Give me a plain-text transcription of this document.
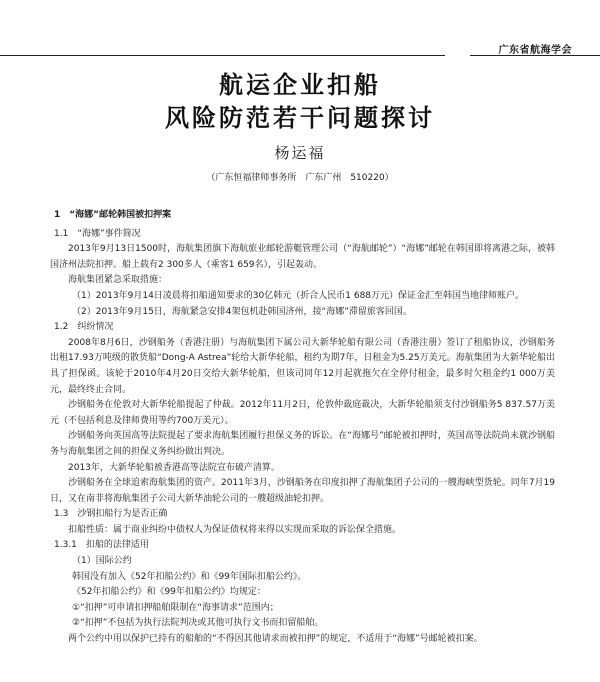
广东省航海学会
航运企业扣船
风险防范若干问题探讨
杨运福
（广东恒福律师事务所　广东广州　510220）

1　“海娜”邮轮韩国被扣押案

1.1　“海娜”事件简况

2013年9月13日1500时，海航集团旗下海航旅业邮轮游艇管理公司（“海航邮轮”）“海娜”邮轮在韩国即将离港之际，被韩国济州法院扣押。船上载有2 300多人（乘客1 659名），引起轰动。

海航集团紧急采取措施：

（1）2013年9月14日凌晨将扣船通知要求的30亿韩元（折合人民币1 688万元）保证金汇至韩国当地律师账户。

（2）2013年9月15日，海航紧急安排4架包机赴韩国济州，接“海娜”滞留旅客回国。

1.2　纠纷情况

2008年8月6日，沙钢船务（香港注册）与海航集团下属公司大新华轮船有限公司（香港注册）签订了租船协议，沙钢船务出租17.93万吨级的散货船“Dong-A Astrea”轮给大新华轮船，租约为期7年，日租金为5.25万美元。海航集团为大新华轮船出具了担保函。该轮于2010年4月20日交给大新华轮船，但该司同年12月起就拖欠在全停付租金，最多时欠租金约1 000万美元，最终终止合同。

沙钢船务在伦敦对大新华轮船提起了仲裁。2012年11月2日，伦敦仲裁庭裁决，大新华轮船须支付沙钢船务5 837.57万美元（不包括利息及律师费用等约700万美元）。

沙钢船务向英国高等法院提起了要求海航集团履行担保义务的诉讼。在“海娜号”邮轮被扣押时，英国高等法院尚未就沙钢船务与海航集团之间的担保义务纠纷做出判决。

2013年，大新华轮船被香港高等法院宣布破产清算。

沙钢船务在全球追索海航集团的资产。2011年3月，沙钢船务在印度扣押了海航集团子公司的一艘海峡型货轮。同年7月19日，又在南非将海航集团子公司大新华油轮公司的一艘超级油轮扣押。

1.3　沙钢扣船行为是否正确

扣船性质：属于商业纠纷中债权人为保证债权将来得以实现而采取的诉讼保全措施。

1.3.1　扣船的法律适用

（1）国际公约

韩国没有加入《52年扣船公约》和《99年国际扣船公约》。

《52年扣船公约》和《99年扣船公约》均规定：

①“扣押”可申请扣押船舶限制在“海事请求”范围内；

②“扣押”不包括为执行法院判决或其他可执行文书而扣留船舶。

两个公约中用以保护已持有的船舶的“不得因其他请求而被扣押”的规定，不适用于“海娜”号邮轮被扣案。
